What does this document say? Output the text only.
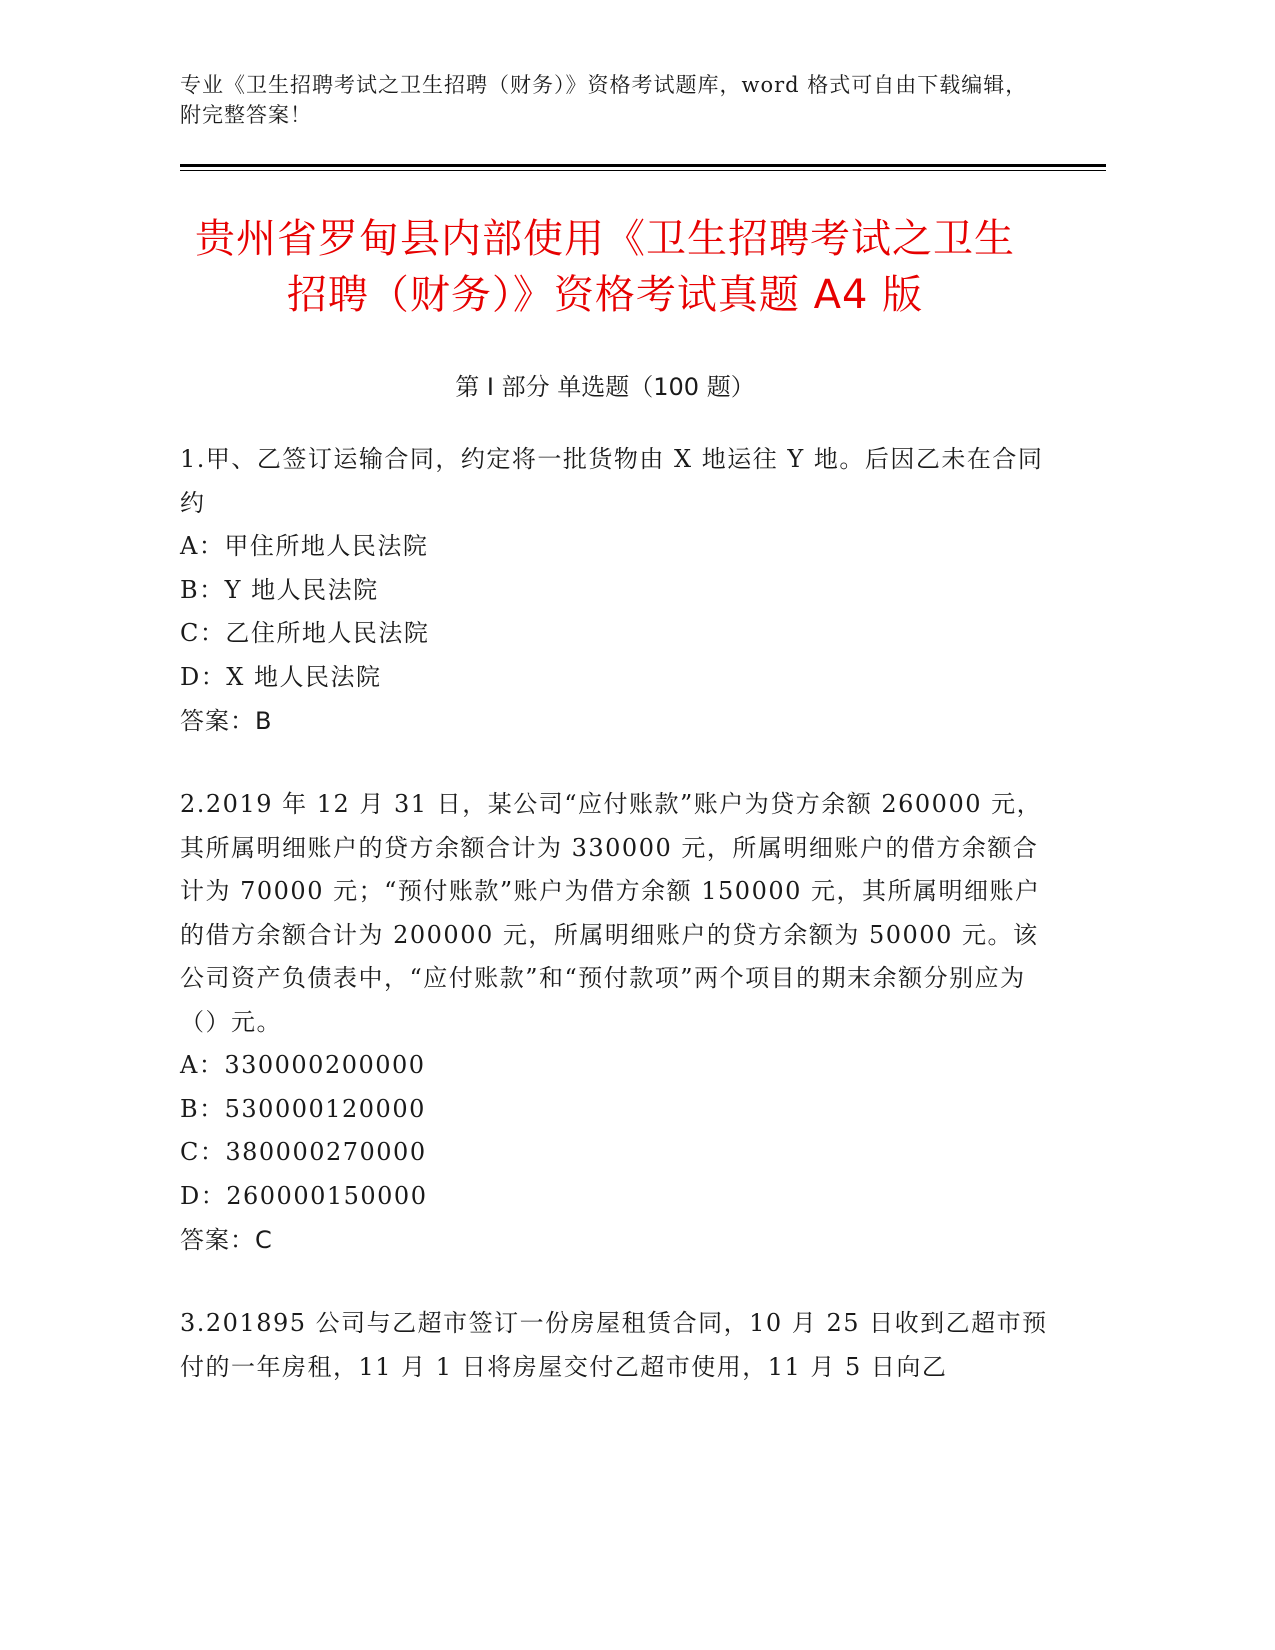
专业《卫生招聘考试之卫生招聘（财务）》资格考试题库，word 格式可自由下载编辑，附完整答案！

贵州省罗甸县内部使用《卫生招聘考试之卫生招聘（财务）》资格考试真题 A4 版
第 I 部分 单选题（100 题）

1.甲、乙签订运输合同，约定将一批货物由 X 地运往 Y 地。后因乙未在合同约

A：甲住所地人民法院

B：Y 地人民法院

C：乙住所地人民法院

D：X 地人民法院

答案：B

2.2019 年 12 月 31 日，某公司“应付账款”账户为贷方余额 260000 元，其所属明细账户的贷方余额合计为 330000 元，所属明细账户的借方余额合计为 70000 元；“预付账款”账户为借方余额 150000 元，其所属明细账户的借方余额合计为 200000 元，所属明细账户的贷方余额为 50000 元。该公司资产负债表中，“应付账款”和“预付款项”两个项目的期末余额分别应为（）元。

A：330000200000

B：530000120000

C：380000270000

D：260000150000

答案：C

3.201895 公司与乙超市签订一份房屋租赁合同，10 月 25 日收到乙超市预付的一年房租，11 月 1 日将房屋交付乙超市使用，11 月 5 日向乙
